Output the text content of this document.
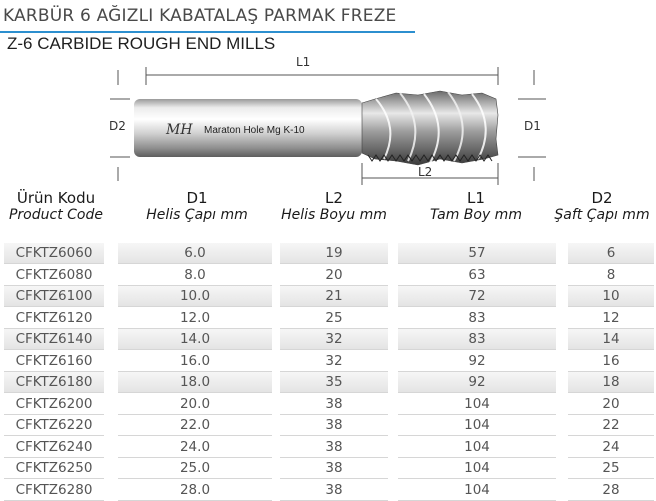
KARBÜR 6 AĞIZLI KABATALAŞ PARMAK FREZE
Z-6 CARBIDE ROUGH END MILLS
L1
D2	D1
MH Maraton Hole Mg K-10
L2
Ürün Kodu
Product Code
D1
Helis Çapı mm
L2
Helis Boyu mm
L1
Tam Boy mm
D2
Şaft Çapı mm
CFKTZ6060	6.0	19	57	6
CFKTZ6080	8.0	20	63	8
CFKTZ6100	10.0	21	72	10
CFKTZ6120	12.0	25	83	12
CFKTZ6140	14.0	32	83	14
CFKTZ6160	16.0	32	92	16
CFKTZ6180	18.0	35	92	18
CFKTZ6200	20.0	38	104	20
CFKTZ6220	22.0	38	104	22
CFKTZ6240	24.0	38	104	24
CFKTZ6250	25.0	38	104	25
CFKTZ6280	28.0	38	104	28
